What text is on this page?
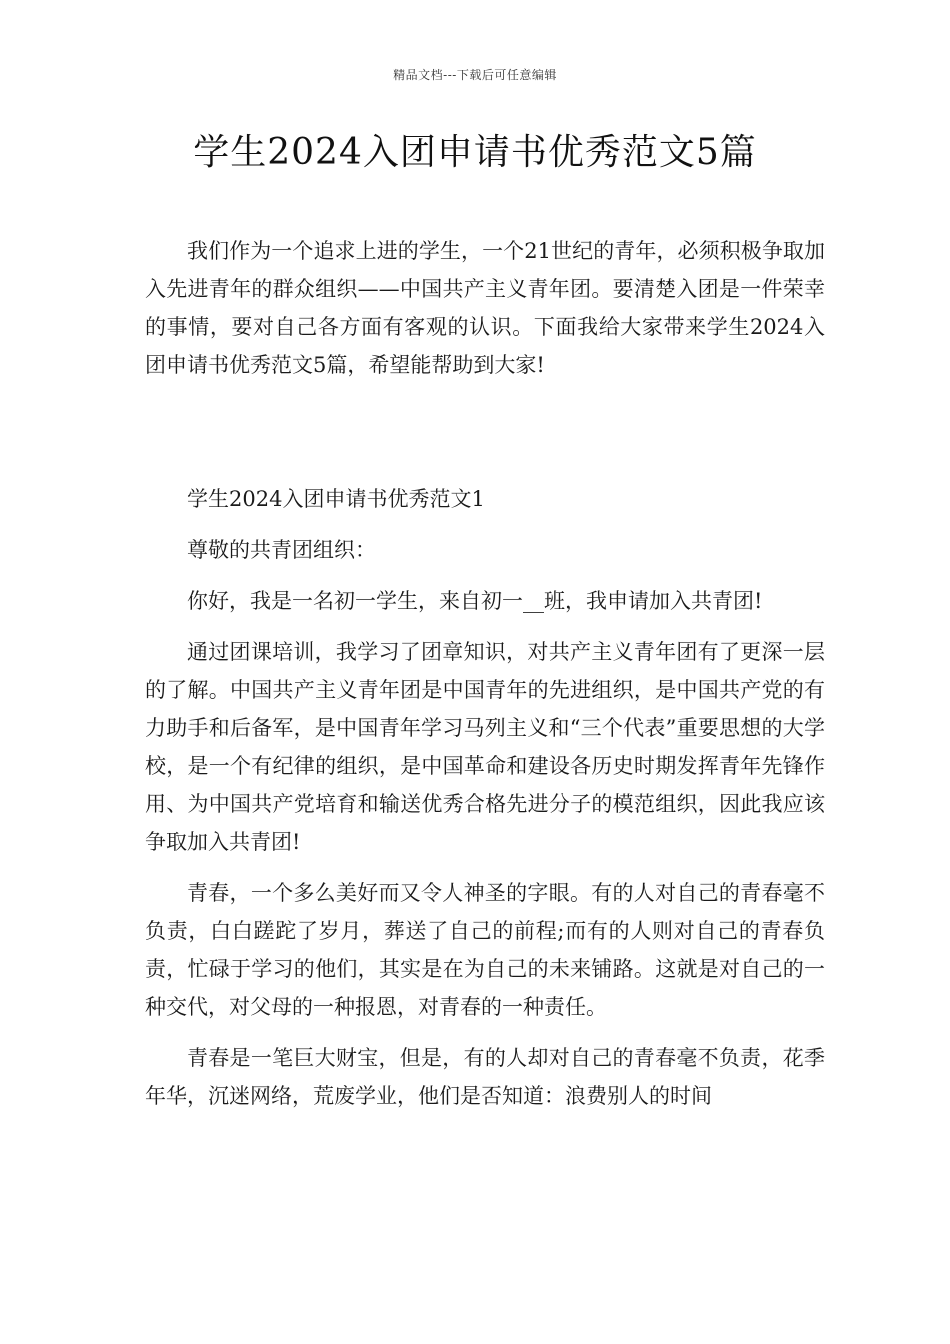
精品文档---下载后可任意编辑
学生2024入团申请书优秀范文5篇

我们作为一个追求上进的学生，一个21世纪的青年，必须积极争取加入先进青年的群众组织——中国共产主义青年团。要清楚入团是一件荣幸的事情，要对自己各方面有客观的认识。下面我给大家带来学生2024入团申请书优秀范文5篇，希望能帮助到大家!

学生2024入团申请书优秀范文1

尊敬的共青团组织：

你好，我是一名初一学生，来自初一__班，我申请加入共青团!

通过团课培训，我学习了团章知识，对共产主义青年团有了更深一层的了解。中国共产主义青年团是中国青年的先进组织，是中国共产党的有力助手和后备军，是中国青年学习马列主义和“三个代表”重要思想的大学校，是一个有纪律的组织，是中国革命和建设各历史时期发挥青年先锋作用、为中国共产党培育和输送优秀合格先进分子的模范组织，因此我应该争取加入共青团!

青春，一个多么美好而又令人神圣的字眼。有的人对自己的青春毫不负责，白白蹉跎了岁月，葬送了自己的前程;而有的人则对自己的青春负责，忙碌于学习的他们，其实是在为自己的未来铺路。这就是对自己的一种交代，对父母的一种报恩，对青春的一种责任。

青春是一笔巨大财宝，但是，有的人却对自己的青春毫不负责，花季年华，沉迷网络，荒废学业，他们是否知道：浪费别人的时间
